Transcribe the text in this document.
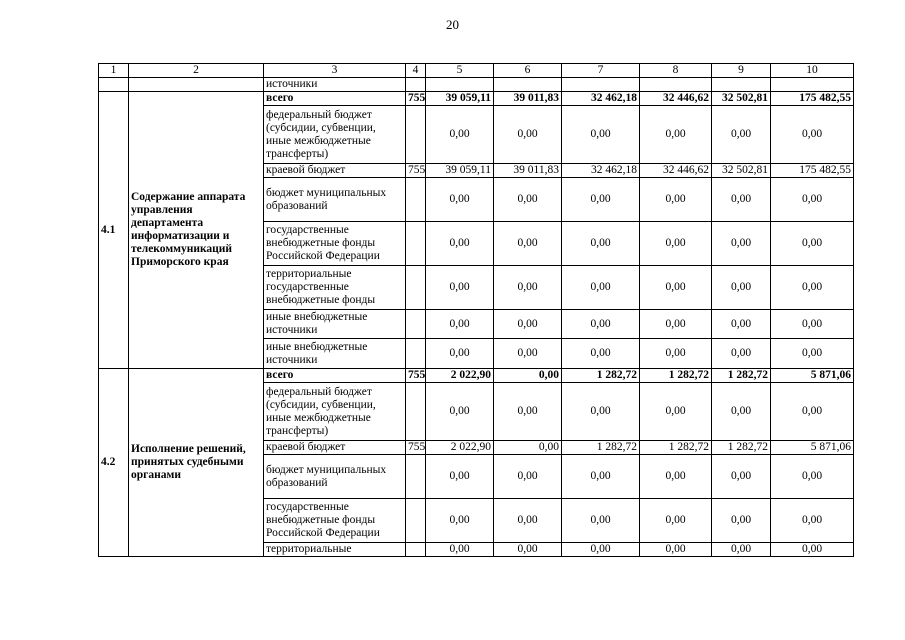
20
1	2	3	4	5	6	7	8	9	10
		источники							
4.1	Содержание аппарата управления департамента информатизации и телекоммуникаций Приморского края	всего	755	39 059,11	39 011,83	32 462,18	32 446,62	32 502,81	175 482,55
		федеральный бюджет (субсидии, субвенции, иные межбюджетные трансферты)		0,00	0,00	0,00	0,00	0,00	0,00
		краевой бюджет	755	39 059,11	39 011,83	32 462,18	32 446,62	32 502,81	175 482,55
		бюджет муниципальных образований		0,00	0,00	0,00	0,00	0,00	0,00
		государственные внебюджетные фонды Российской Федерации		0,00	0,00	0,00	0,00	0,00	0,00
		территориальные государственные внебюджетные фонды		0,00	0,00	0,00	0,00	0,00	0,00
		иные внебюджетные источники		0,00	0,00	0,00	0,00	0,00	0,00
		иные внебюджетные источники		0,00	0,00	0,00	0,00	0,00	0,00
4.2	Исполнение решений, принятых судебными органами	всего	755	2 022,90	0,00	1 282,72	1 282,72	1 282,72	5 871,06
		федеральный бюджет (субсидии, субвенции, иные межбюджетные трансферты)		0,00	0,00	0,00	0,00	0,00	0,00
		краевой бюджет	755	2 022,90	0,00	1 282,72	1 282,72	1 282,72	5 871,06
		бюджет муниципальных образований		0,00	0,00	0,00	0,00	0,00	0,00
		государственные внебюджетные фонды Российской Федерации		0,00	0,00	0,00	0,00	0,00	0,00
		территориальные		0,00	0,00	0,00	0,00	0,00	0,00
